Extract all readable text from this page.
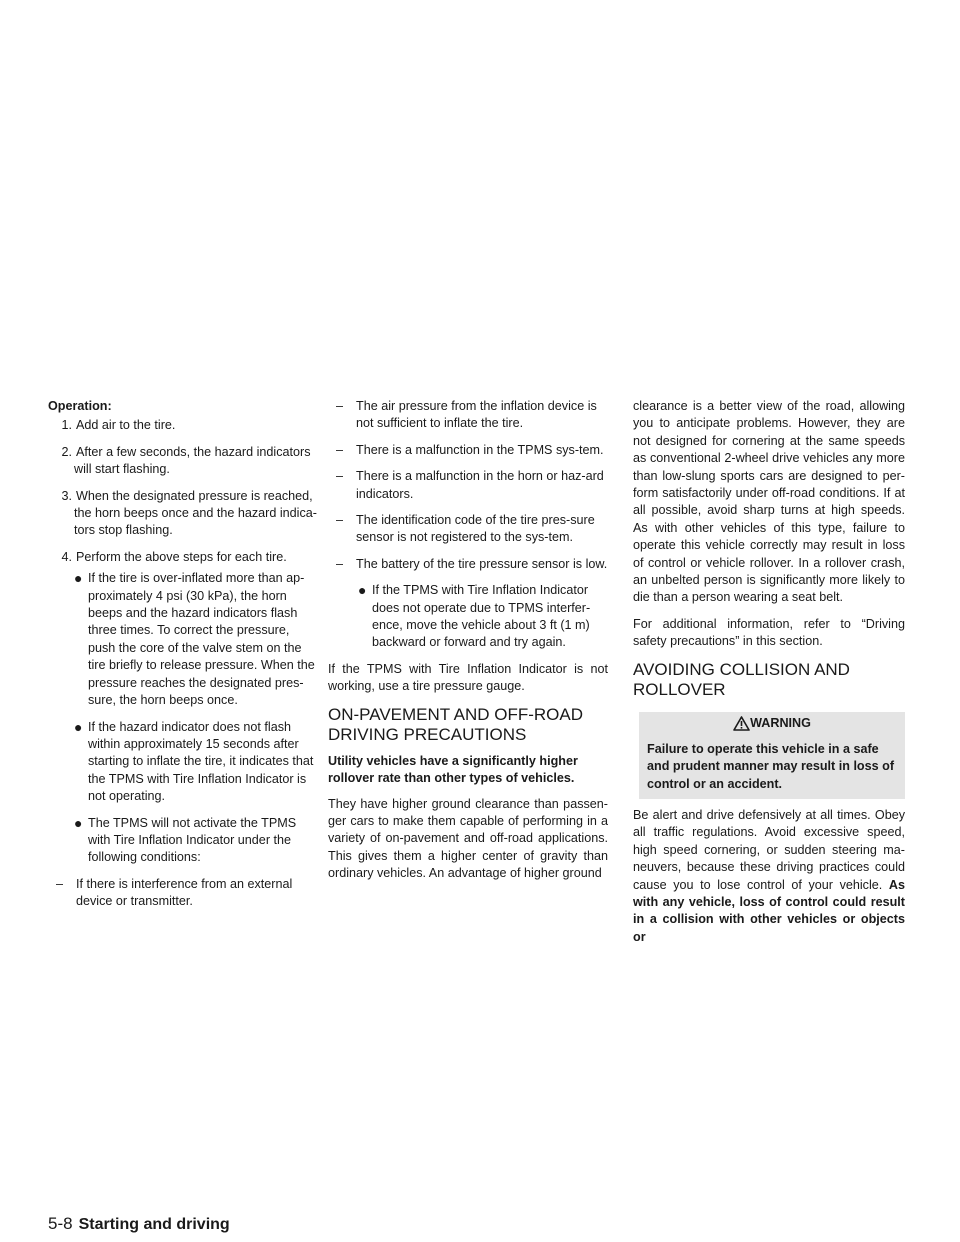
Operation:

1. Add air to the tire.

2. After a few seconds, the hazard indicators will start flashing.

3. When the designated pressure is reached, the horn beeps once and the hazard indica-tors stop flashing.

4. Perform the above steps for each tire.

● If the tire is over-inflated more than ap-proximately 4 psi (30 kPa), the horn beeps and the hazard indicators flash three times. To correct the pressure, push the core of the valve stem on the tire briefly to release pressure. When the pressure reaches the designated pres-sure, the horn beeps once.

● If the hazard indicator does not flash within approximately 15 seconds after starting to inflate the tire, it indicates that the TPMS with Tire Inflation Indicator is not operating.

● The TPMS will not activate the TPMS with Tire Inflation Indicator under the following conditions:

– If there is interference from an external device or transmitter.

– The air pressure from the inflation device is not sufficient to inflate the tire.

– There is a malfunction in the TPMS sys-tem.

– There is a malfunction in the horn or haz-ard indicators.

– The identification code of the tire pres-sure sensor is not registered to the sys-tem.

– The battery of the tire pressure sensor is low.

● If the TPMS with Tire Inflation Indicator does not operate due to TPMS interfer-ence, move the vehicle about 3 ft (1 m) backward or forward and try again.

If the TPMS with Tire Inflation Indicator is not working, use a tire pressure gauge.

ON-PAVEMENT AND OFF-ROAD DRIVING PRECAUTIONS

Utility vehicles have a significantly higher rollover rate than other types of vehicles.

They have higher ground clearance than passen-ger cars to make them capable of performing in a variety of on-pavement and off-road applications. This gives them a higher center of gravity than ordinary vehicles. An advantage of higher ground

clearance is a better view of the road, allowing you to anticipate problems. However, they are not designed for cornering at the same speeds as conventional 2-wheel drive vehicles any more than low-slung sports cars are designed to per-form satisfactorily under off-road conditions. If at all possible, avoid sharp turns at high speeds. As with other vehicles of this type, failure to operate this vehicle correctly may result in loss of control or vehicle rollover. In a rollover crash, an unbelted person is significantly more likely to die than a person wearing a seat belt.

For additional information, refer to “Driving safety precautions” in this section.

AVOIDING COLLISION AND ROLLOVER
WARNING
Failure to operate this vehicle in a safe and prudent manner may result in loss of control or an accident.

Be alert and drive defensively at all times. Obey all traffic regulations. Avoid excessive speed, high speed cornering, or sudden steering ma-neuvers, because these driving practices could cause you to lose control of your vehicle. As with any vehicle, loss of control could result in a collision with other vehicles or objects or

5-8 Starting and driving
